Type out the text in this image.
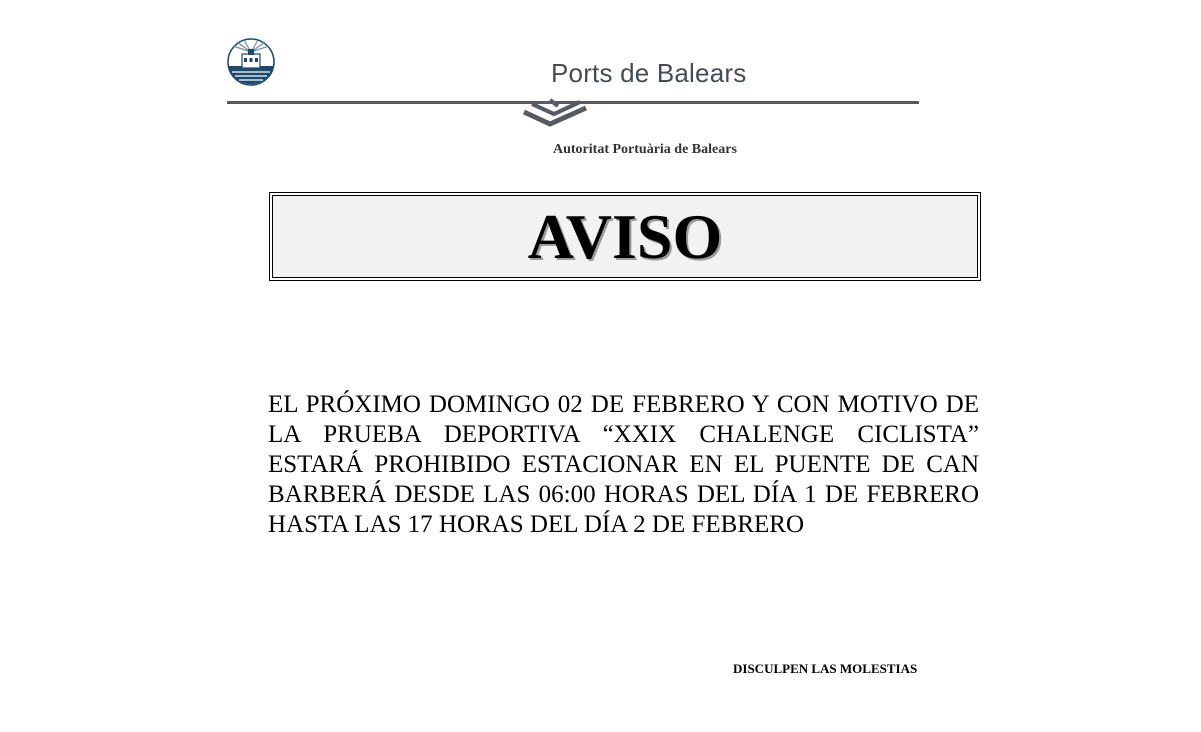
Ports de Balears
Autoritat Portuària de Balears
AVISO

EL PRÓXIMO DOMINGO 02 DE FEBRERO Y CON MOTIVO DE LA PRUEBA DEPORTIVA “XXIX CHALENGE CICLISTA” ESTARÁ PROHIBIDO ESTACIONAR EN EL PUENTE DE CAN BARBERÁ DESDE LAS 06:00 HORAS DEL DÍA 1 DE FEBRERO HASTA LAS 17 HORAS DEL DÍA 2 DE FEBRERO

DISCULPEN LAS MOLESTIAS
